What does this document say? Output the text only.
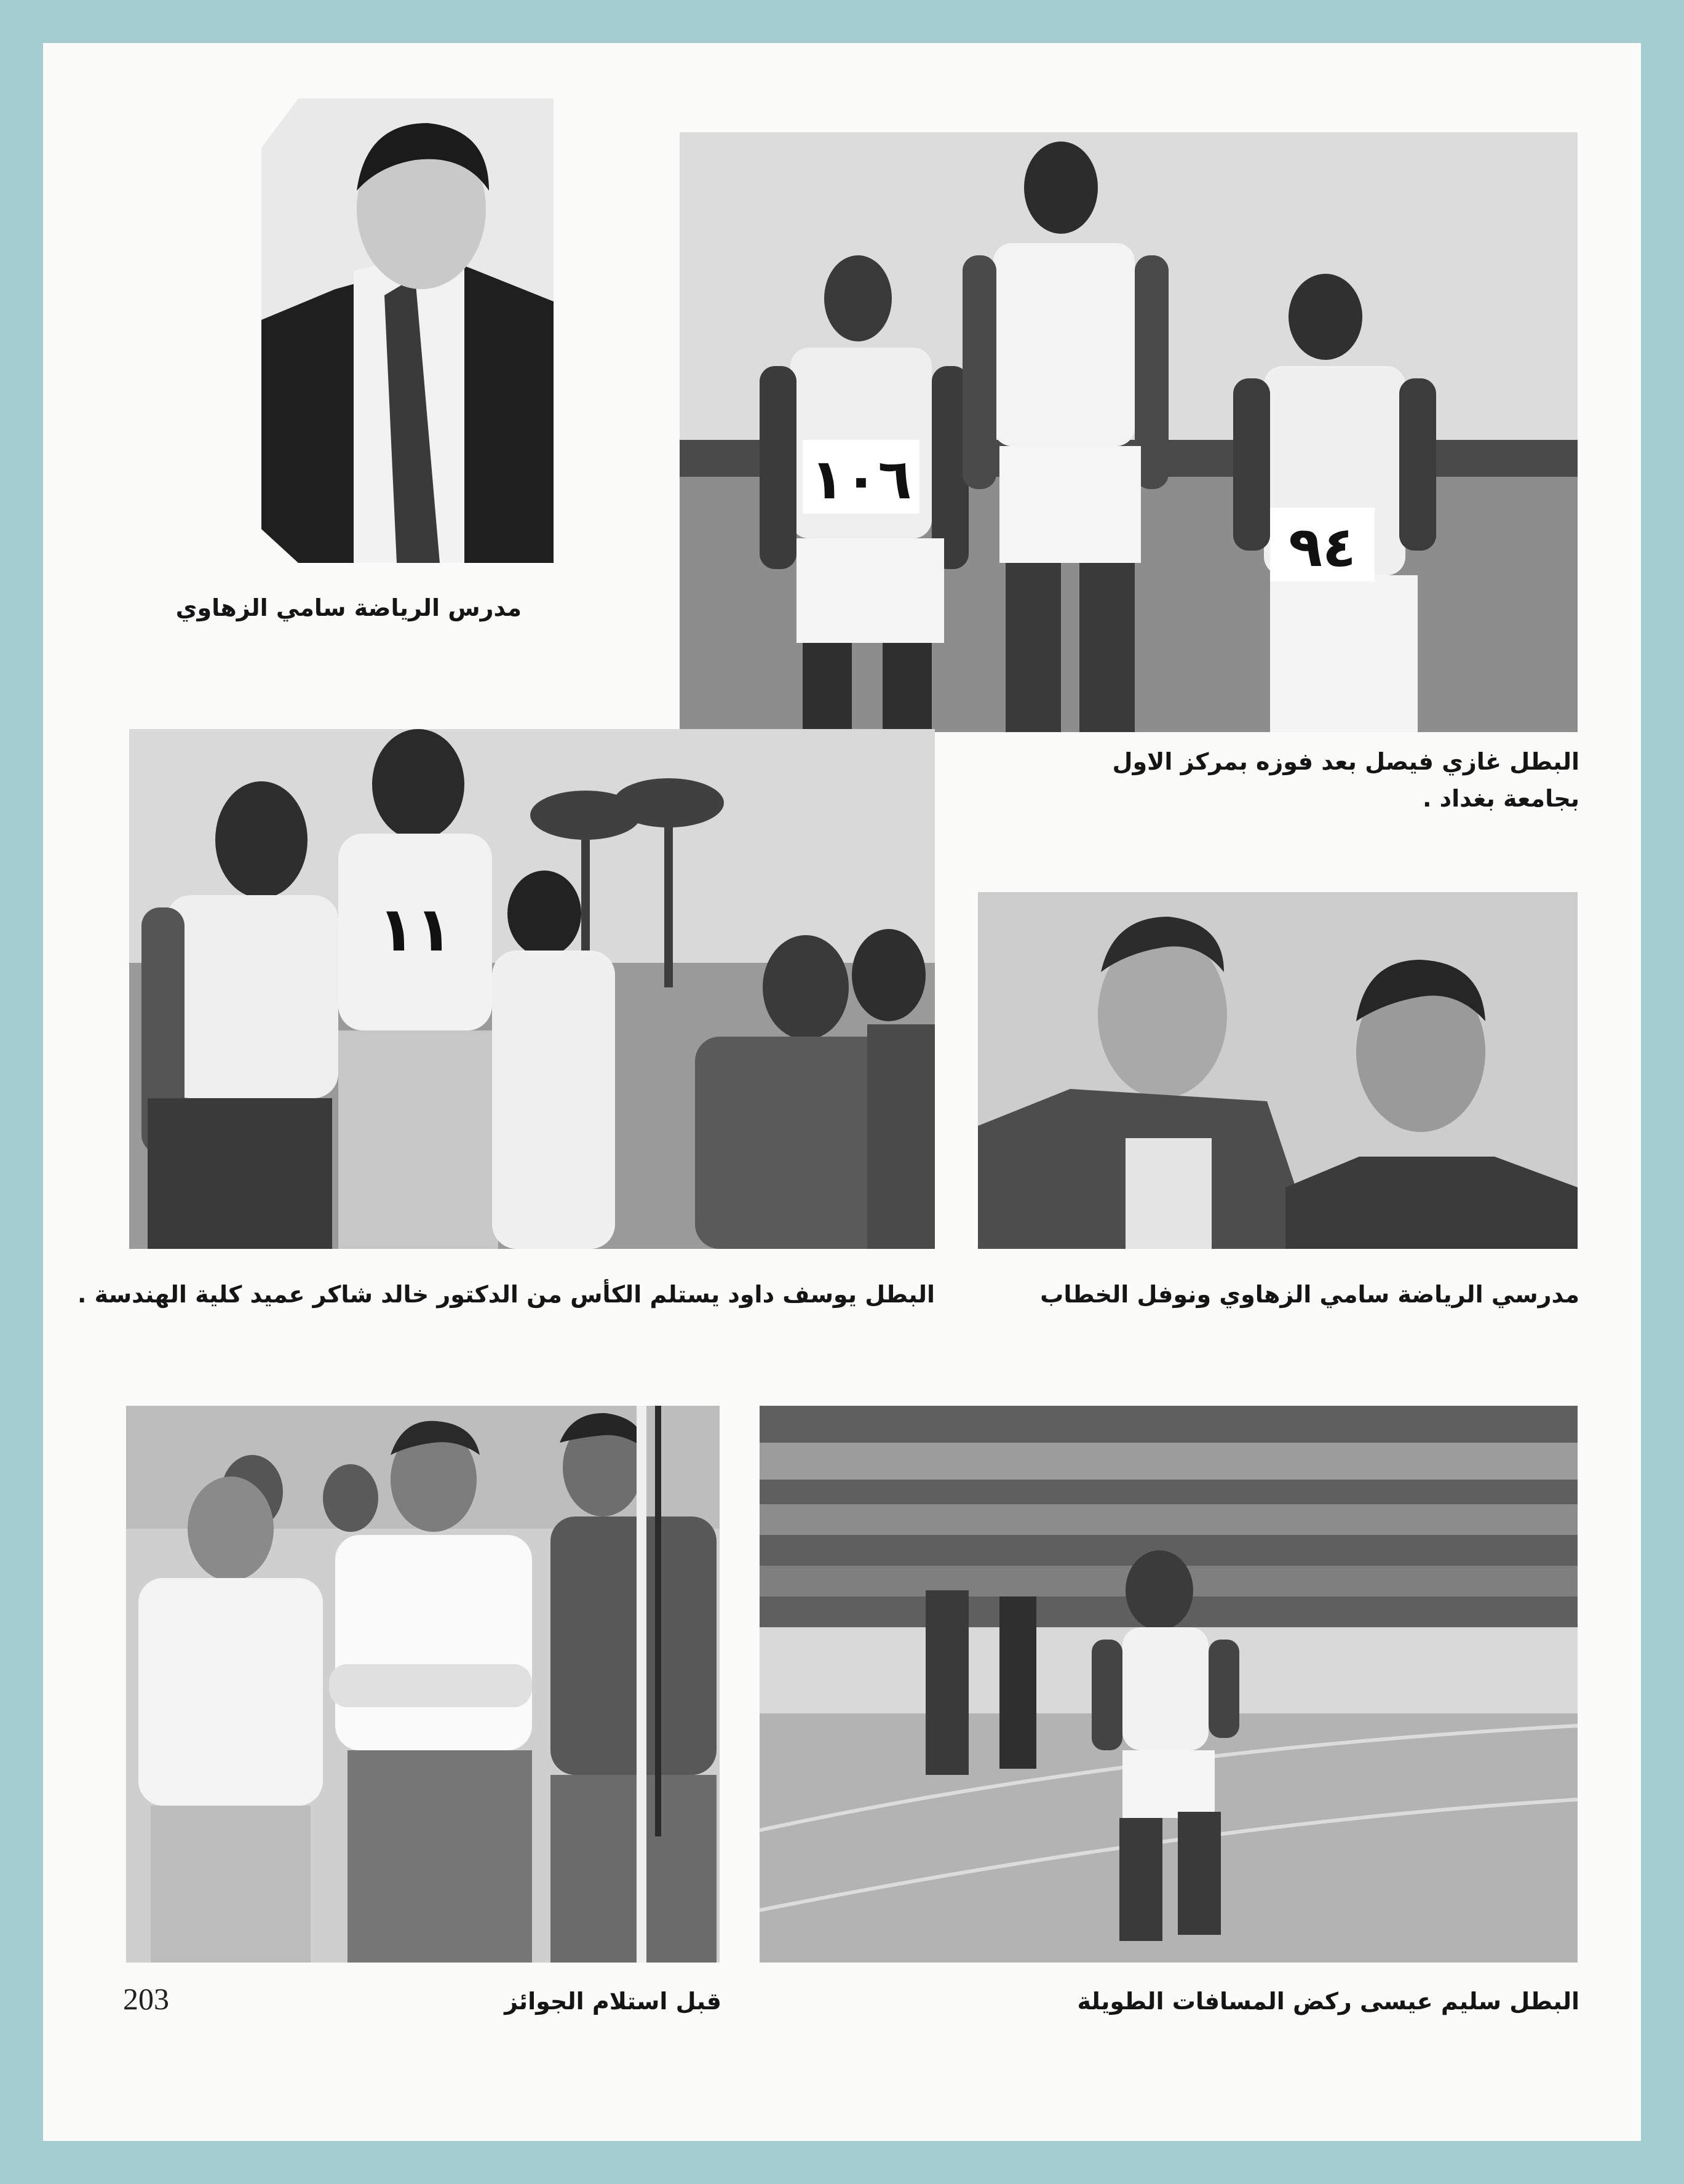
مدرس الرياضة سامي الزهاوي
١٠٦
٩٤
البطل غازي فيصل بعد فوزه بمركز الاول
بجامعة بغداد .
١١
البطل يوسف داود يستلم الكأس من الدكتور خالد شاكر عميد كلية الهندسة .	مدرسي الرياضة سامي الزهاوي ونوفل الخطاب
قبل استلام الجوائز
203	البطل سليم عيسى ركض المسافات الطويلة
